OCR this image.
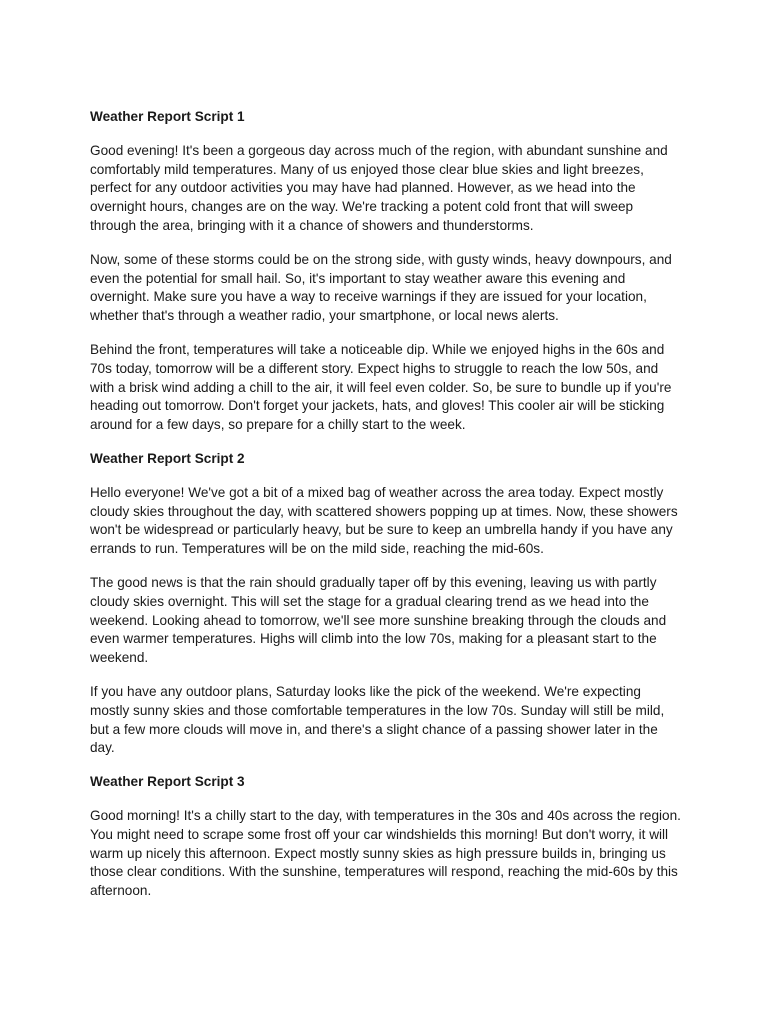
Weather Report Script 1
Good evening! It's been a gorgeous day across much of the region, with abundant sunshine and comfortably mild temperatures. Many of us enjoyed those clear blue skies and light breezes, perfect for any outdoor activities you may have had planned. However, as we head into the overnight hours, changes are on the way. We're tracking a potent cold front that will sweep through the area, bringing with it a chance of showers and thunderstorms.
Now, some of these storms could be on the strong side, with gusty winds, heavy downpours, and even the potential for small hail. So, it's important to stay weather aware this evening and overnight. Make sure you have a way to receive warnings if they are issued for your location, whether that's through a weather radio, your smartphone, or local news alerts.
Behind the front, temperatures will take a noticeable dip. While we enjoyed highs in the 60s and 70s today, tomorrow will be a different story. Expect highs to struggle to reach the low 50s, and with a brisk wind adding a chill to the air, it will feel even colder. So, be sure to bundle up if you're heading out tomorrow. Don't forget your jackets, hats, and gloves! This cooler air will be sticking around for a few days, so prepare for a chilly start to the week.
Weather Report Script 2
Hello everyone! We've got a bit of a mixed bag of weather across the area today. Expect mostly cloudy skies throughout the day, with scattered showers popping up at times. Now, these showers won't be widespread or particularly heavy, but be sure to keep an umbrella handy if you have any errands to run. Temperatures will be on the mild side, reaching the mid-60s.
The good news is that the rain should gradually taper off by this evening, leaving us with partly cloudy skies overnight. This will set the stage for a gradual clearing trend as we head into the weekend. Looking ahead to tomorrow, we'll see more sunshine breaking through the clouds and even warmer temperatures. Highs will climb into the low 70s, making for a pleasant start to the weekend.
If you have any outdoor plans, Saturday looks like the pick of the weekend. We're expecting mostly sunny skies and those comfortable temperatures in the low 70s. Sunday will still be mild, but a few more clouds will move in, and there's a slight chance of a passing shower later in the day.
Weather Report Script 3
Good morning! It's a chilly start to the day, with temperatures in the 30s and 40s across the region. You might need to scrape some frost off your car windshields this morning! But don't worry, it will warm up nicely this afternoon. Expect mostly sunny skies as high pressure builds in, bringing us those clear conditions. With the sunshine, temperatures will respond, reaching the mid-60s by this afternoon.
